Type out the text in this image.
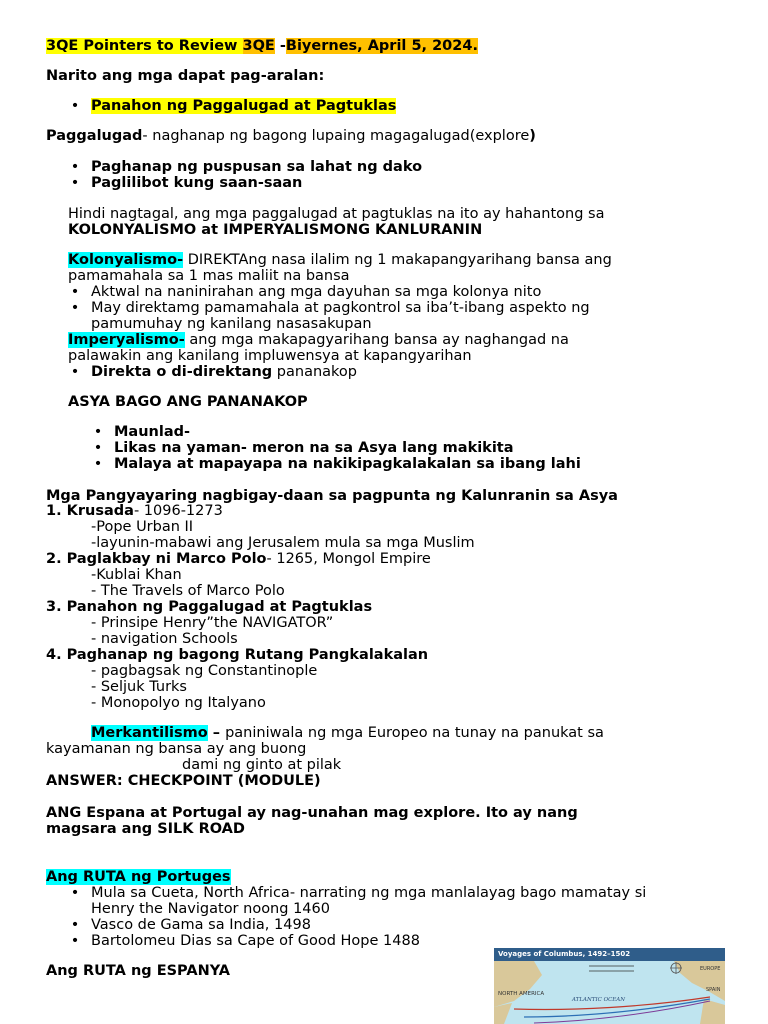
3QE Pointers to Review 3QE -Biyernes, April 5, 2024.
Narito ang mga dapat pag-aralan:
• Panahon ng Paggalugad at Pagtuklas
Paggalugad- naghanap ng bagong lupaing magagalugad(explore)
• Paghanap ng puspusan sa lahat ng dako
• Paglilibot kung saan-saan
Hindi nagtagal, ang mga paggalugad at pagtuklas na ito ay hahantong sa
KOLONYALISMO at IMPERYALISMONG KANLURANIN
Kolonyalismo- DIREKTAng nasa ilalim ng 1 makapangyarihang bansa ang
pamamahala sa 1 mas maliit na bansa
• Aktwal na naninirahan ang mga dayuhan sa mga kolonya nito
• May direktamg pamamahala at pagkontrol sa iba’t-ibang aspekto ng
pamumuhay ng kanilang nasasakupan
Imperyalismo- ang mga makapagyarihang bansa ay naghangad na
palawakin ang kanilang impluwensya at kapangyarihan
• Direkta o di-direktang pananakop
ASYA BAGO ANG PANANAKOP
• Maunlad-
• Likas na yaman- meron na sa Asya lang makikita
• Malaya at mapayapa na nakikipagkalakalan sa ibang lahi
Mga Pangyayaring nagbigay-daan sa pagpunta ng Kalunranin sa Asya
1. Krusada- 1096-1273
-Pope Urban II
-layunin-mabawi ang Jerusalem mula sa mga Muslim
2. Paglakbay ni Marco Polo- 1265, Mongol Empire
-Kublai Khan
- The Travels of Marco Polo
3. Panahon ng Paggalugad at Pagtuklas
- Prinsipe Henry”the NAVIGATOR”
- navigation Schools
4. Paghanap ng bagong Rutang Pangkalakalan
- pagbagsak ng Constantinople
- Seljuk Turks
- Monopolyo ng Italyano
Merkantilismo – paniniwala ng mga Europeo na tunay na panukat sa
kayamanan ng bansa ay ang buong
dami ng ginto at pilak
ANSWER: CHECKPOINT (MODULE)
ANG Espana at Portugal ay nag-unahan mag explore. Ito ay nang
magsara ang SILK ROAD
Ang RUTA ng Portuges
• Mula sa Cueta, North Africa- narrating ng mga manlalayag bago mamatay si
Henry the Navigator noong 1460
• Vasco de Gama sa India, 1498
• Bartolomeu Dias sa Cape of Good Hope 1488
Ang RUTA ng ESPANYA
Voyages of Columbus, 1492–1502
NORTH AMERICA
ATLANTIC OCEAN
EUROPE
SPAIN
